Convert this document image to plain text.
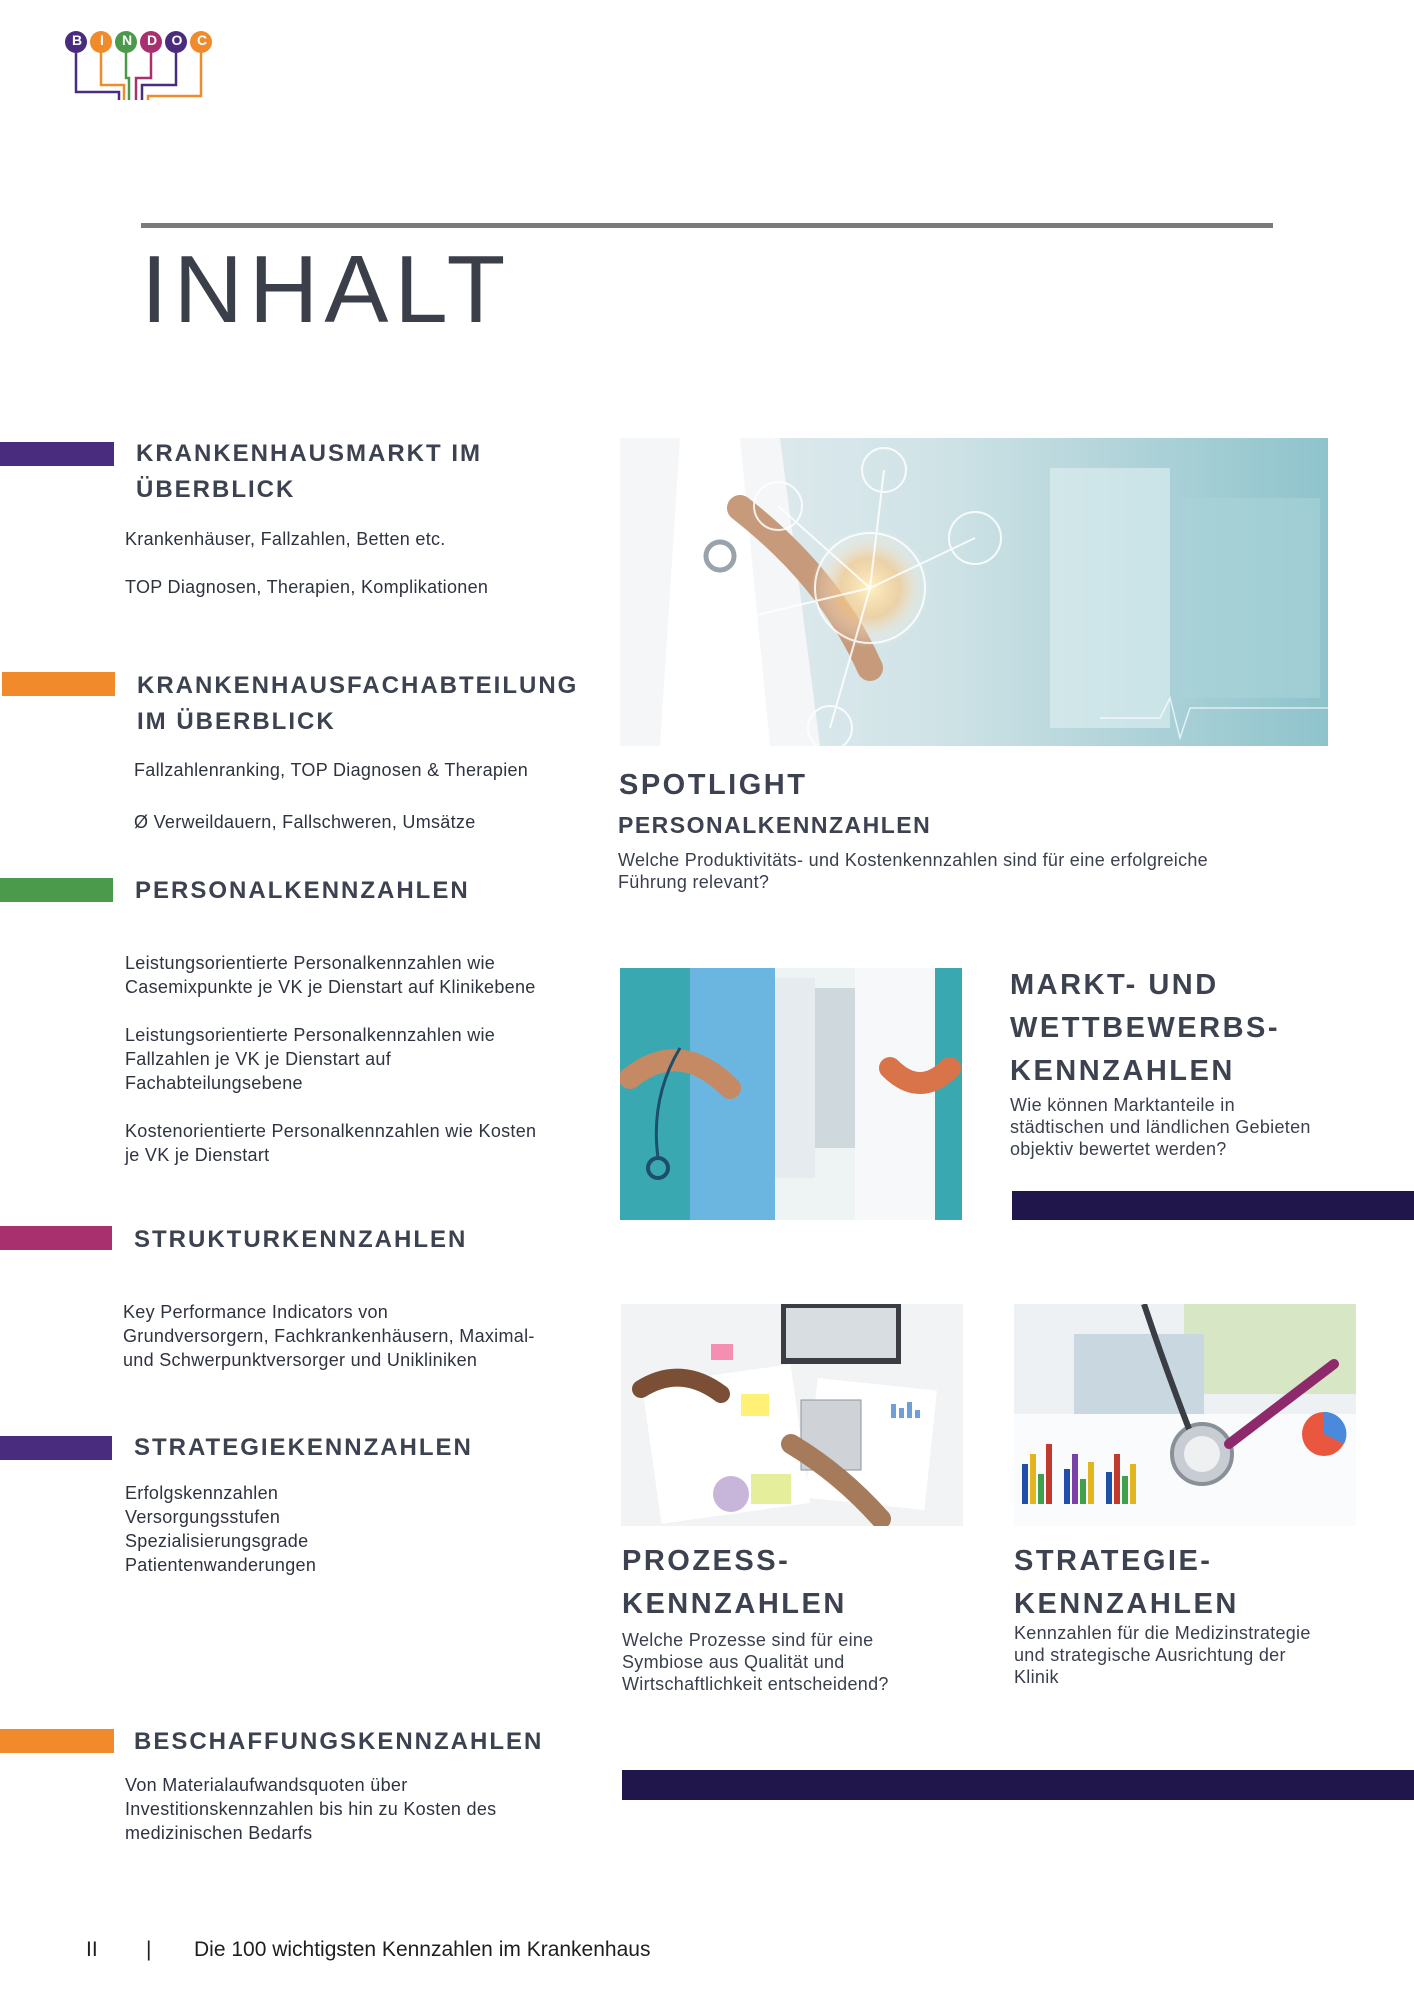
B	I	N D O C
INHALT
KRANKENHAUSMARKT IM
ÜBERBLICK

Krankenhäuser, Fallzahlen, Betten etc.

TOP Diagnosen, Therapien, Komplikationen

KRANKENHAUSFACHABTEILUNG
IM ÜBERBLICK

Fallzahlenranking, TOP Diagnosen & Therapien

Ø Verweildauern, Fallschweren, Umsätze

PERSONALKENNZAHLEN

Leistungsorientierte Personalkennzahlen wie

Casemixpunkte je VK je Dienstart auf Klinikebene

Leistungsorientierte Personalkennzahlen wie

Fallzahlen je VK je Dienstart auf

Fachabteilungsebene

Kostenorientierte Personalkennzahlen wie Kosten

je VK je Dienstart

STRUKTURKENNZAHLEN

Key Performance Indicators von

Grundversorgern, Fachkrankenhäusern, Maximal-

und Schwerpunktversorger und Unikliniken

STRATEGIEKENNZAHLEN

Erfolgskennzahlen

Versorgungsstufen

Spezialisierungsgrade

Patientenwanderungen

BESCHAFFUNGSKENNZAHLEN

Von Materialaufwandsquoten über

Investitionskennzahlen bis hin zu Kosten des

medizinischen Bedarfs

SPOTLIGHT
PERSONALKENNZAHLEN
Welche Produktivitäts- und Kostenkennzahlen sind für eine erfolgreiche
Führung relevant?
MARKT- UND
WETTBEWERBS-
KENNZAHLEN
Wie können Marktanteile in
städtischen und ländlichen Gebieten
objektiv bewertet werden?
PROZESS-
KENNZAHLEN
Welche Prozesse sind für eine
Symbiose aus Qualität und
Wirtschaftlichkeit entscheidend?
STRATEGIE-
KENNZAHLEN
Kennzahlen für die Medizinstrategie
und strategische Ausrichtung der
Klinik
II | Die 100 wichtigsten Kennzahlen im Krankenhaus
